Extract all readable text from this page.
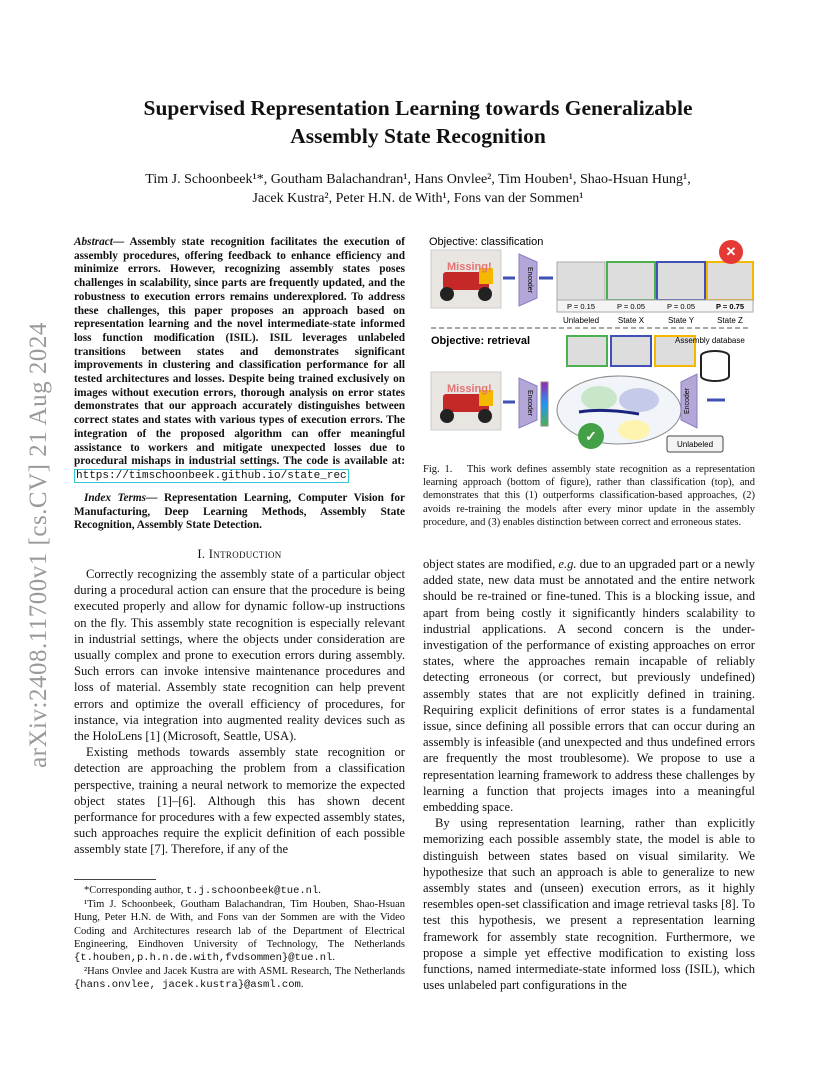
arXiv:2408.11700v1 [cs.CV] 21 Aug 2024
Supervised Representation Learning towards Generalizable
Assembly State Recognition
Tim J. Schoonbeek¹*, Goutham Balachandran¹, Hans Onvlee², Tim Houben¹, Shao-Hsuan Hung¹,
Jacek Kustra², Peter H.N. de With¹, Fons van der Sommen¹
Abstract— Assembly state recognition facilitates the execution of assembly procedures, offering feedback to enhance efficiency and minimize errors. However, recognizing assembly states poses challenges in scalability, since parts are frequently updated, and the robustness to execution errors remains underexplored. To address these challenges, this paper proposes an approach based on representation learning and the novel intermediate-state informed loss function modification (ISIL). ISIL leverages unlabeled transitions between states and demonstrates significant improvements in clustering and classification performance for all tested architectures and losses. Despite being trained exclusively on images without execution errors, thorough analysis on error states demonstrates that our approach accurately distinguishes between correct states and states with various types of execution errors. The integration of the proposed algorithm can offer meaningful assistance to workers and mitigate unexpected losses due to procedural mishaps in industrial settings. The code is available at: https://timschoonbeek.github.io/state_rec
Index Terms— Representation Learning, Computer Vision for Manufacturing, Deep Learning Methods, Assembly State Recognition, Assembly State Detection.
I. Introduction

Correctly recognizing the assembly state of a particular object during a procedural action can ensure that the procedure is being executed properly and allow for dynamic follow-up instructions on the fly. This assembly state recognition is especially relevant in industrial settings, where the objects under consideration are usually complex and prone to execution errors during assembly. Such errors can invoke intensive maintenance procedures and loss of material. Assembly state recognition can help prevent errors and optimize the overall efficiency of procedures, for instance, via integration into augmented reality devices such as the HoloLens [1] (Microsoft, Seattle, USA).

Existing methods towards assembly state recognition or detection are approaching the problem from a classification perspective, training a neural network to memorize the expected object states [1]–[6]. Although this has shown decent performance for procedures with a few expected assembly states, such approaches require the explicit definition of each possible assembly state [7]. Therefore, if any of the

*Corresponding author, t.j.schoonbeek@tue.nl.

¹Tim J. Schoonbeek, Goutham Balachandran, Tim Houben, Shao-Hsuan Hung, Peter H.N. de With, and Fons van der Sommen are with the Video Coding and Architectures research lab of the Department of Electrical Engineering, Eindhoven University of Technology, The Netherlands {t.houben,p.h.n.de.with,fvdsommen}@tue.nl.

²Hans Onvlee and Jacek Kustra are with ASML Research, The Netherlands {hans.onvlee, jacek.kustra}@asml.com.

Objective: classification
Missing!	Encoder
✕
P = 0.15	P = 0.05	P = 0.05	P = 0.75
Unlabeled State X	State Y	State Z
Objective: retrieval	Assembly database
Missing!
Encoder
✓
Encoder
Unlabeled
Fig. 1. This work defines assembly state recognition as a representation learning approach (bottom of figure), rather than classification (top), and demonstrates that this (1) outperforms classification-based approaches, (2) avoids re-training the models after every minor update in the assembly procedure, and (3) enables distinction between correct and erroneous states.

object states are modified, e.g. due to an upgraded part or a newly added state, new data must be annotated and the entire network should be re-trained or fine-tuned. This is a blocking issue, and apart from being costly it significantly hinders scalability to industrial applications. A second concern is the under-investigation of the performance of existing approaches on error states, where the approaches remain incapable of reliably detecting erroneous (or correct, but previously undefined) assembly states that are not explicitly defined in training. Requiring explicit definitions of error states is a fundamental issue, since defining all possible errors that can occur during an assembly is infeasible (and unexpected and thus undefined errors are frequently the most troublesome). We propose to use a representation learning framework to address these challenges by learning a function that projects images into a meaningful embedding space.

By using representation learning, rather than explicitly memorizing each possible assembly state, the model is able to distinguish between states based on visual similarity. We hypothesize that such an approach is able to generalize to new assembly states and (unseen) execution errors, as it highly resembles open-set classification and image retrieval tasks [8]. To test this hypothesis, we present a representation learning framework for assembly state recognition. Furthermore, we propose a simple yet effective modification to existing loss functions, named intermediate-state informed loss (ISIL), which uses unlabeled part configurations in the
